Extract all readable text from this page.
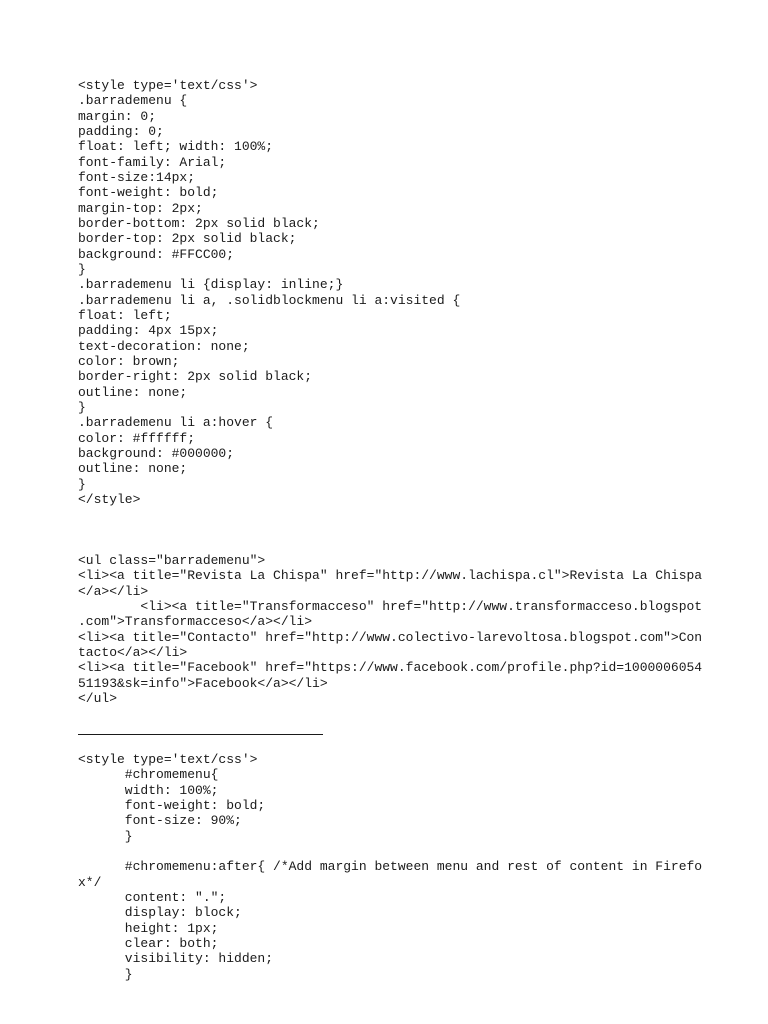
<style type='text/css'>
.barrademenu {
margin: 0;
padding: 0;
float: left; width: 100%;
font-family: Arial;
font-size:14px;
font-weight: bold;
margin-top: 2px;
border-bottom: 2px solid black;
border-top: 2px solid black;
background: #FFCC00;
}
.barrademenu li {display: inline;}
.barrademenu li a, .solidblockmenu li a:visited {
float: left;
padding: 4px 15px;
text-decoration: none;
color: brown;
border-right: 2px solid black;
outline: none;
}
.barrademenu li a:hover {
color: #ffffff;
background: #000000;
outline: none;
}
</style>
<ul class="barrademenu">
<li><a title="Revista La Chispa" href="http://www.lachispa.cl">Revista La Chispa
</a></li>
<li><a title="Transformacceso" href="http://www.transformacceso.blogspot
.com">Transformacceso</a></li>
<li><a title="Contacto" href="http://www.colectivo-larevoltosa.blogspot.com">Con
tacto</a></li>
<li><a title="Facebook" href="https://www.facebook.com/profile.php?id=1000006054
51193&sk=info">Facebook</a></li>
</ul>
<style type='text/css'>
#chromemenu{
width: 100%;
font-weight: bold;
font-size: 90%;
}
#chromemenu:after{ /*Add margin between menu and rest of content in Firefo
x*/
content: ".";
display: block;
height: 1px;
clear: both;
visibility: hidden;
}
